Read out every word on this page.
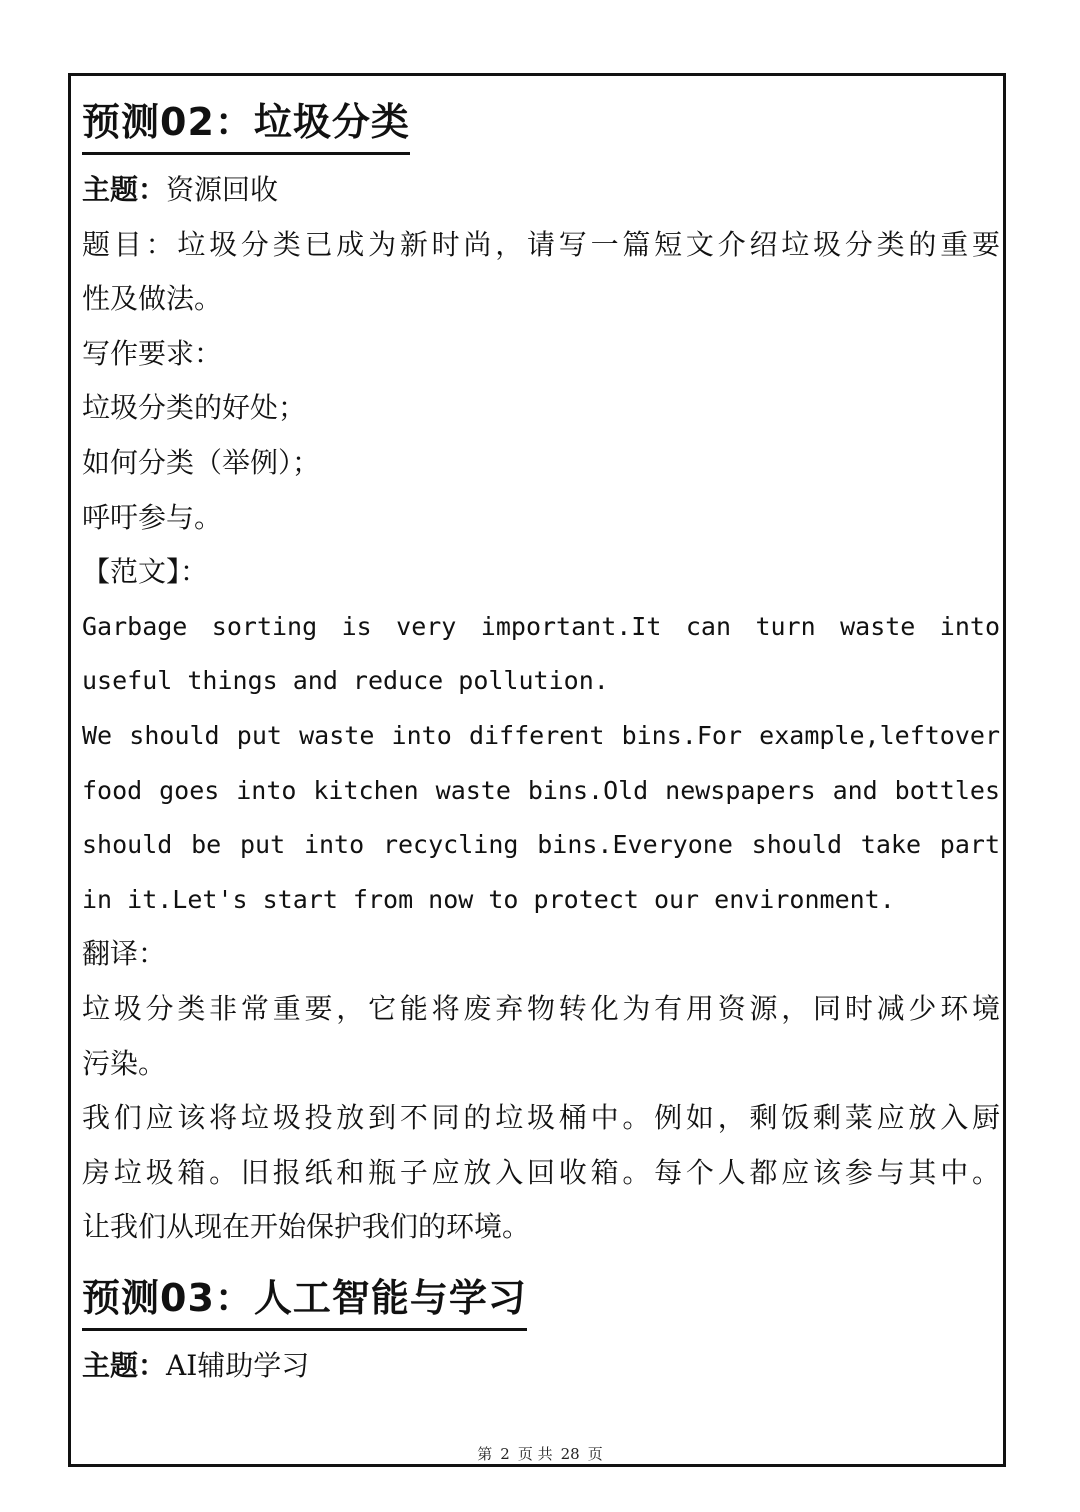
预测02：垃圾分类
主题：资源回收
题目：垃圾分类已成为新时尚，请写一篇短文介绍垃圾分类的重要
性及做法。
写作要求：
垃圾分类的好处；
如何分类（举例）；
呼吁参与。
【范文】：
Garbage sorting is very important.It can turn waste into
useful things and reduce pollution.
We should put waste into different bins.For example,leftover
food goes into kitchen waste bins.Old newspapers and bottles
should be put into recycling bins.Everyone should take part
in it.Let's start from now to protect our environment.
翻译：
垃圾分类非常重要，它能将废弃物转化为有用资源，同时减少环境
污染。
我们应该将垃圾投放到不同的垃圾桶中。例如，剩饭剩菜应放入厨
房垃圾箱。旧报纸和瓶子应放入回收箱。每个人都应该参与其中。
让我们从现在开始保护我们的环境。
预测03：人工智能与学习
主题：AI辅助学习
第 2 页 共 28 页
